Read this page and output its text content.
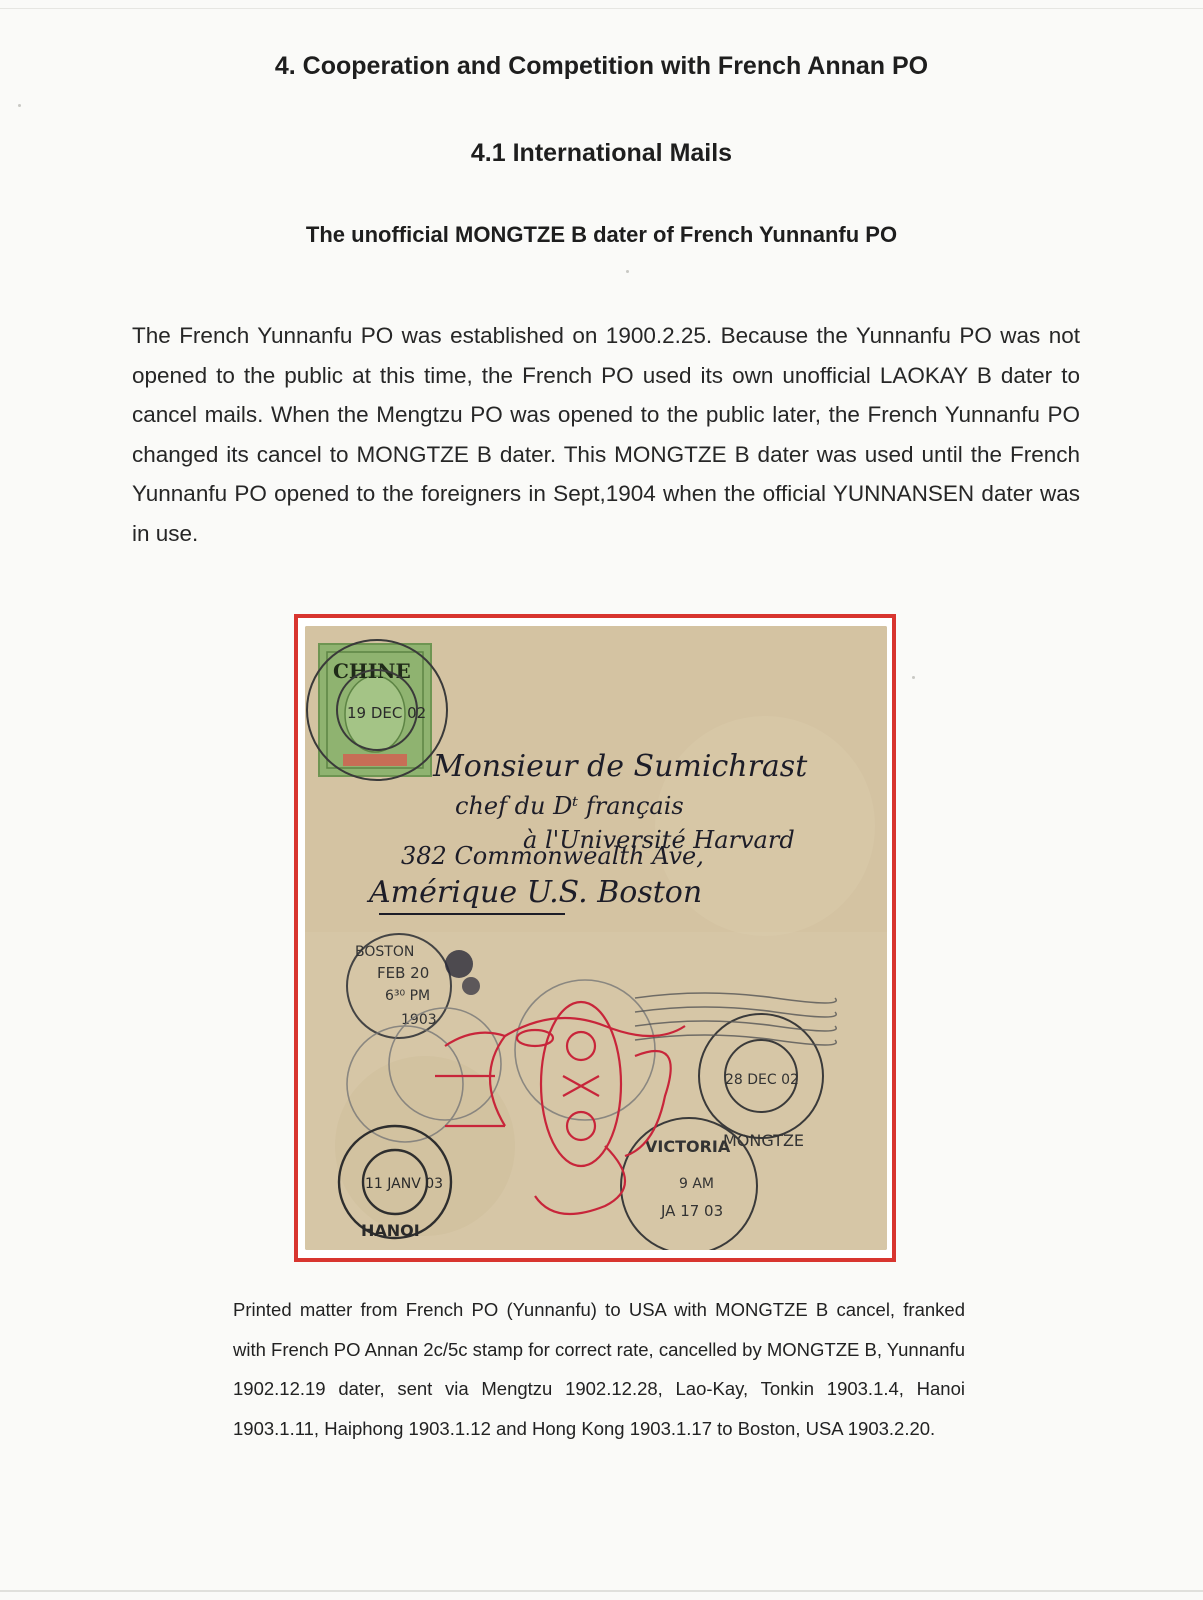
4. Cooperation and Competition with French Annan PO
4.1 International Mails
The unofficial MONGTZE B dater of French Yunnanfu PO

The French Yunnanfu PO was established on 1900.2.25. Because the Yunnanfu PO was not opened to the public at this time, the French PO used its own unofficial LAOKAY B dater to cancel mails. When the Mengtzu PO was opened to the public later, the French Yunnanfu PO changed its cancel to MONGTZE B dater. This MONGTZE B dater was used until the French Yunnanfu PO opened to the foreigners in Sept,1904 when the official YUNNANSEN dater was in use.

CHINE
19 DEC 02
Monsieur de Sumichrast
chef du Dᵗ français
à l'Université Harvard
382 Commonwealth Ave,
Amérique U.S. Boston
BOSTON
FEB 20
6³⁰ PM
1903
MONGTZE
28 DEC 02
HANOI
11 JANV 03
VICTORIA
9 AM
JA 17 03

Printed matter from French PO (Yunnanfu) to USA with MONGTZE B cancel, franked with French PO Annan 2c/5c stamp for correct rate, cancelled by MONGTZE B, Yunnanfu 1902.12.19 dater, sent via Mengtzu 1902.12.28, Lao-Kay, Tonkin 1903.1.4, Hanoi 1903.1.11, Haiphong 1903.1.12 and Hong Kong 1903.1.17 to Boston, USA 1903.2.20.
